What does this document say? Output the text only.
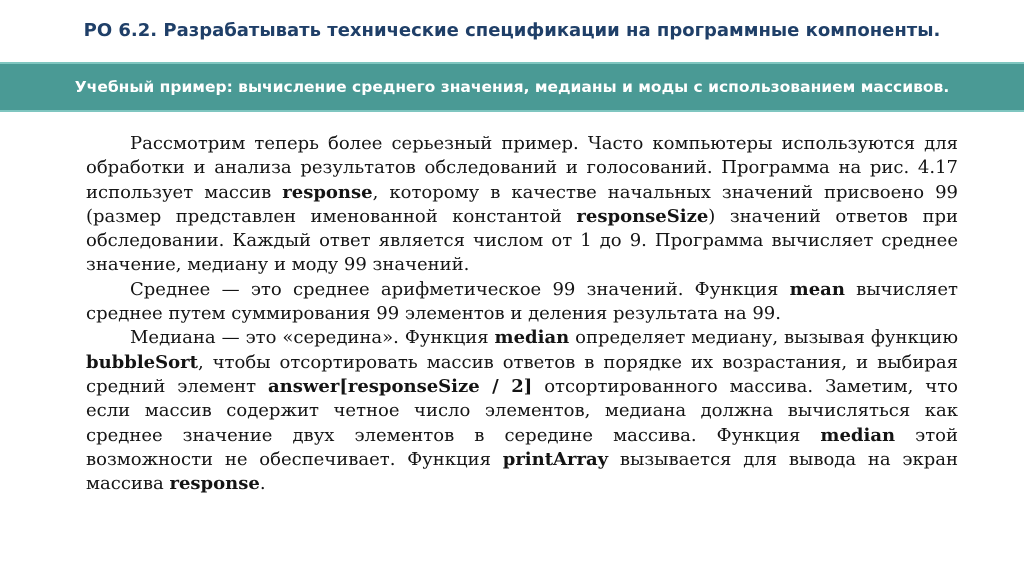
РО 6.2. Разрабатывать технические спецификации на программные компоненты.
Учебный пример: вычисление среднего значения, медианы и моды с использованием массивов.

Рассмотрим теперь более серьезный пример. Часто компьютеры используются для обработки и анализа результатов обследований и голосований. Программа на рис. 4.17 использует массив response, которому в качестве начальных значений присвоено 99 (размер представлен именованной константой responseSize) значений ответов при обследовании. Каждый ответ является числом от 1 до 9. Программа вычисляет среднее значение, медиану и моду 99 значений.

Среднее — это среднее арифметическое 99 значений. Функция mean вычисляет среднее путем суммирования 99 элементов и деления результата на 99.

Медиана — это «середина». Функция median определяет медиану, вызывая функцию bubbleSort, чтобы отсортировать массив ответов в порядке их возрастания, и выбирая средний элемент answer[responseSize / 2] отсортированного массива. Заметим, что если массив содержит четное число элементов, медиана должна вычисляться как среднее значение двух элементов в середине массива. Функция median этой возможности не обеспечивает. Функция printArray вызывается для вывода на экран массива response.
